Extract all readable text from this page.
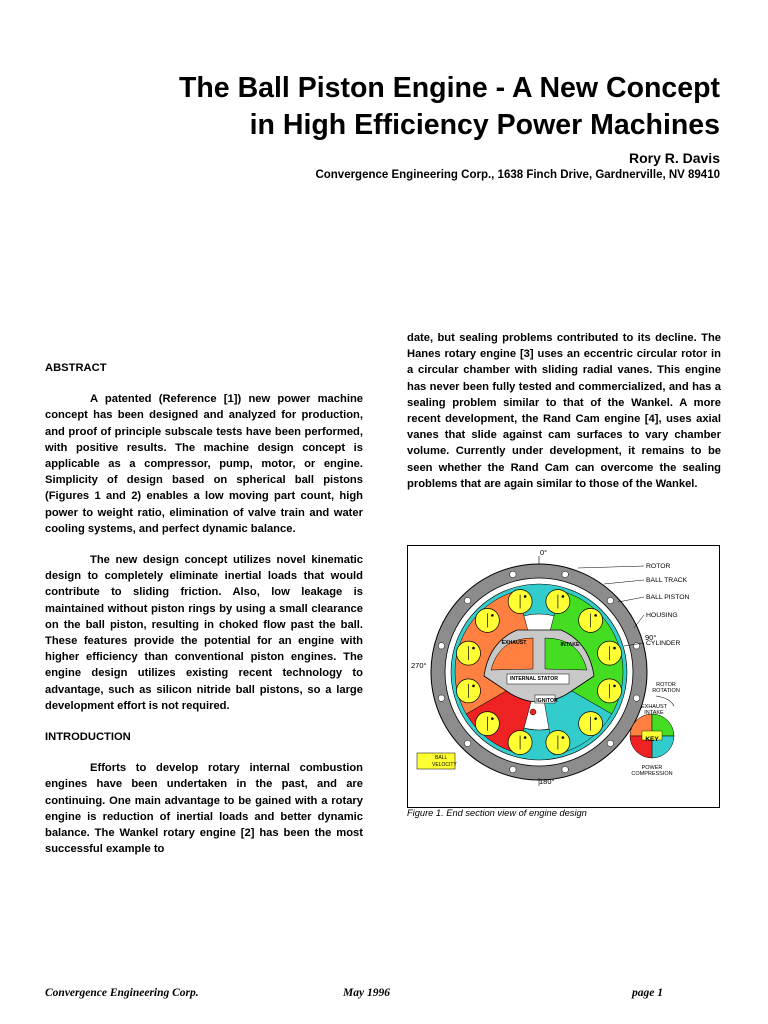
The Ball Piston Engine - A New Concept
in High Efficiency Power Machines
Rory R. Davis
Convergence Engineering Corp., 1638 Finch Drive, Gardnerville, NV 89410
ABSTRACT

A patented (Reference [1]) new power machine concept has been designed and analyzed for production, and proof of principle subscale tests have been performed, with positive results. The machine design concept is applicable as a compressor, pump, motor, or engine. Simplicity of design based on spherical ball pistons (Figures 1 and 2) enables a low moving part count, high power to weight ratio, elimination of valve train and water cooling systems, and perfect dynamic balance.

The new design concept utilizes novel kinematic design to completely eliminate inertial loads that would contribute to sliding friction. Also, low leakage is maintained without piston rings by using a small clearance on the ball piston, resulting in choked flow past the ball. These features provide the potential for an engine with higher efficiency than conventional piston engines. The engine design utilizes existing recent technology to advantage, such as silicon nitride ball pistons, so a large development effort is not required.

INTRODUCTION

Efforts to develop rotary internal combustion engines have been undertaken in the past, and are continuing. One main advantage to be gained with a rotary engine is reduction of inertial loads and better dynamic balance. The Wankel rotary engine [2] has been the most successful example to

date, but sealing problems contributed to its decline. The Hanes rotary engine [3] uses an eccentric circular rotor in a circular chamber with sliding radial vanes. This engine has never been fully tested and commercialized, and has a sealing problem similar to that of the Wankel. A more recent development, the Rand Cam engine [4], uses axial vanes that slide against cam surfaces to vary chamber volume. Currently under development, it remains to be seen whether the Rand Cam can overcome the sealing problems that are again similar to those of the Wankel.

0°
90°
180°
270°
ROTOR
BALL TRACK
BALL PISTON
HOUSING
CYLINDER
ROTOR ROTATION
EXHAUST INTAKE
POWER COMPRESSION
KEY
EXHAUST	INTAKE
INTERNAL STATOR
IGNITOR
BALL VELOCITY
Figure 1. End section view of engine design
Convergence Engineering Corp.	May 1996	page 1
